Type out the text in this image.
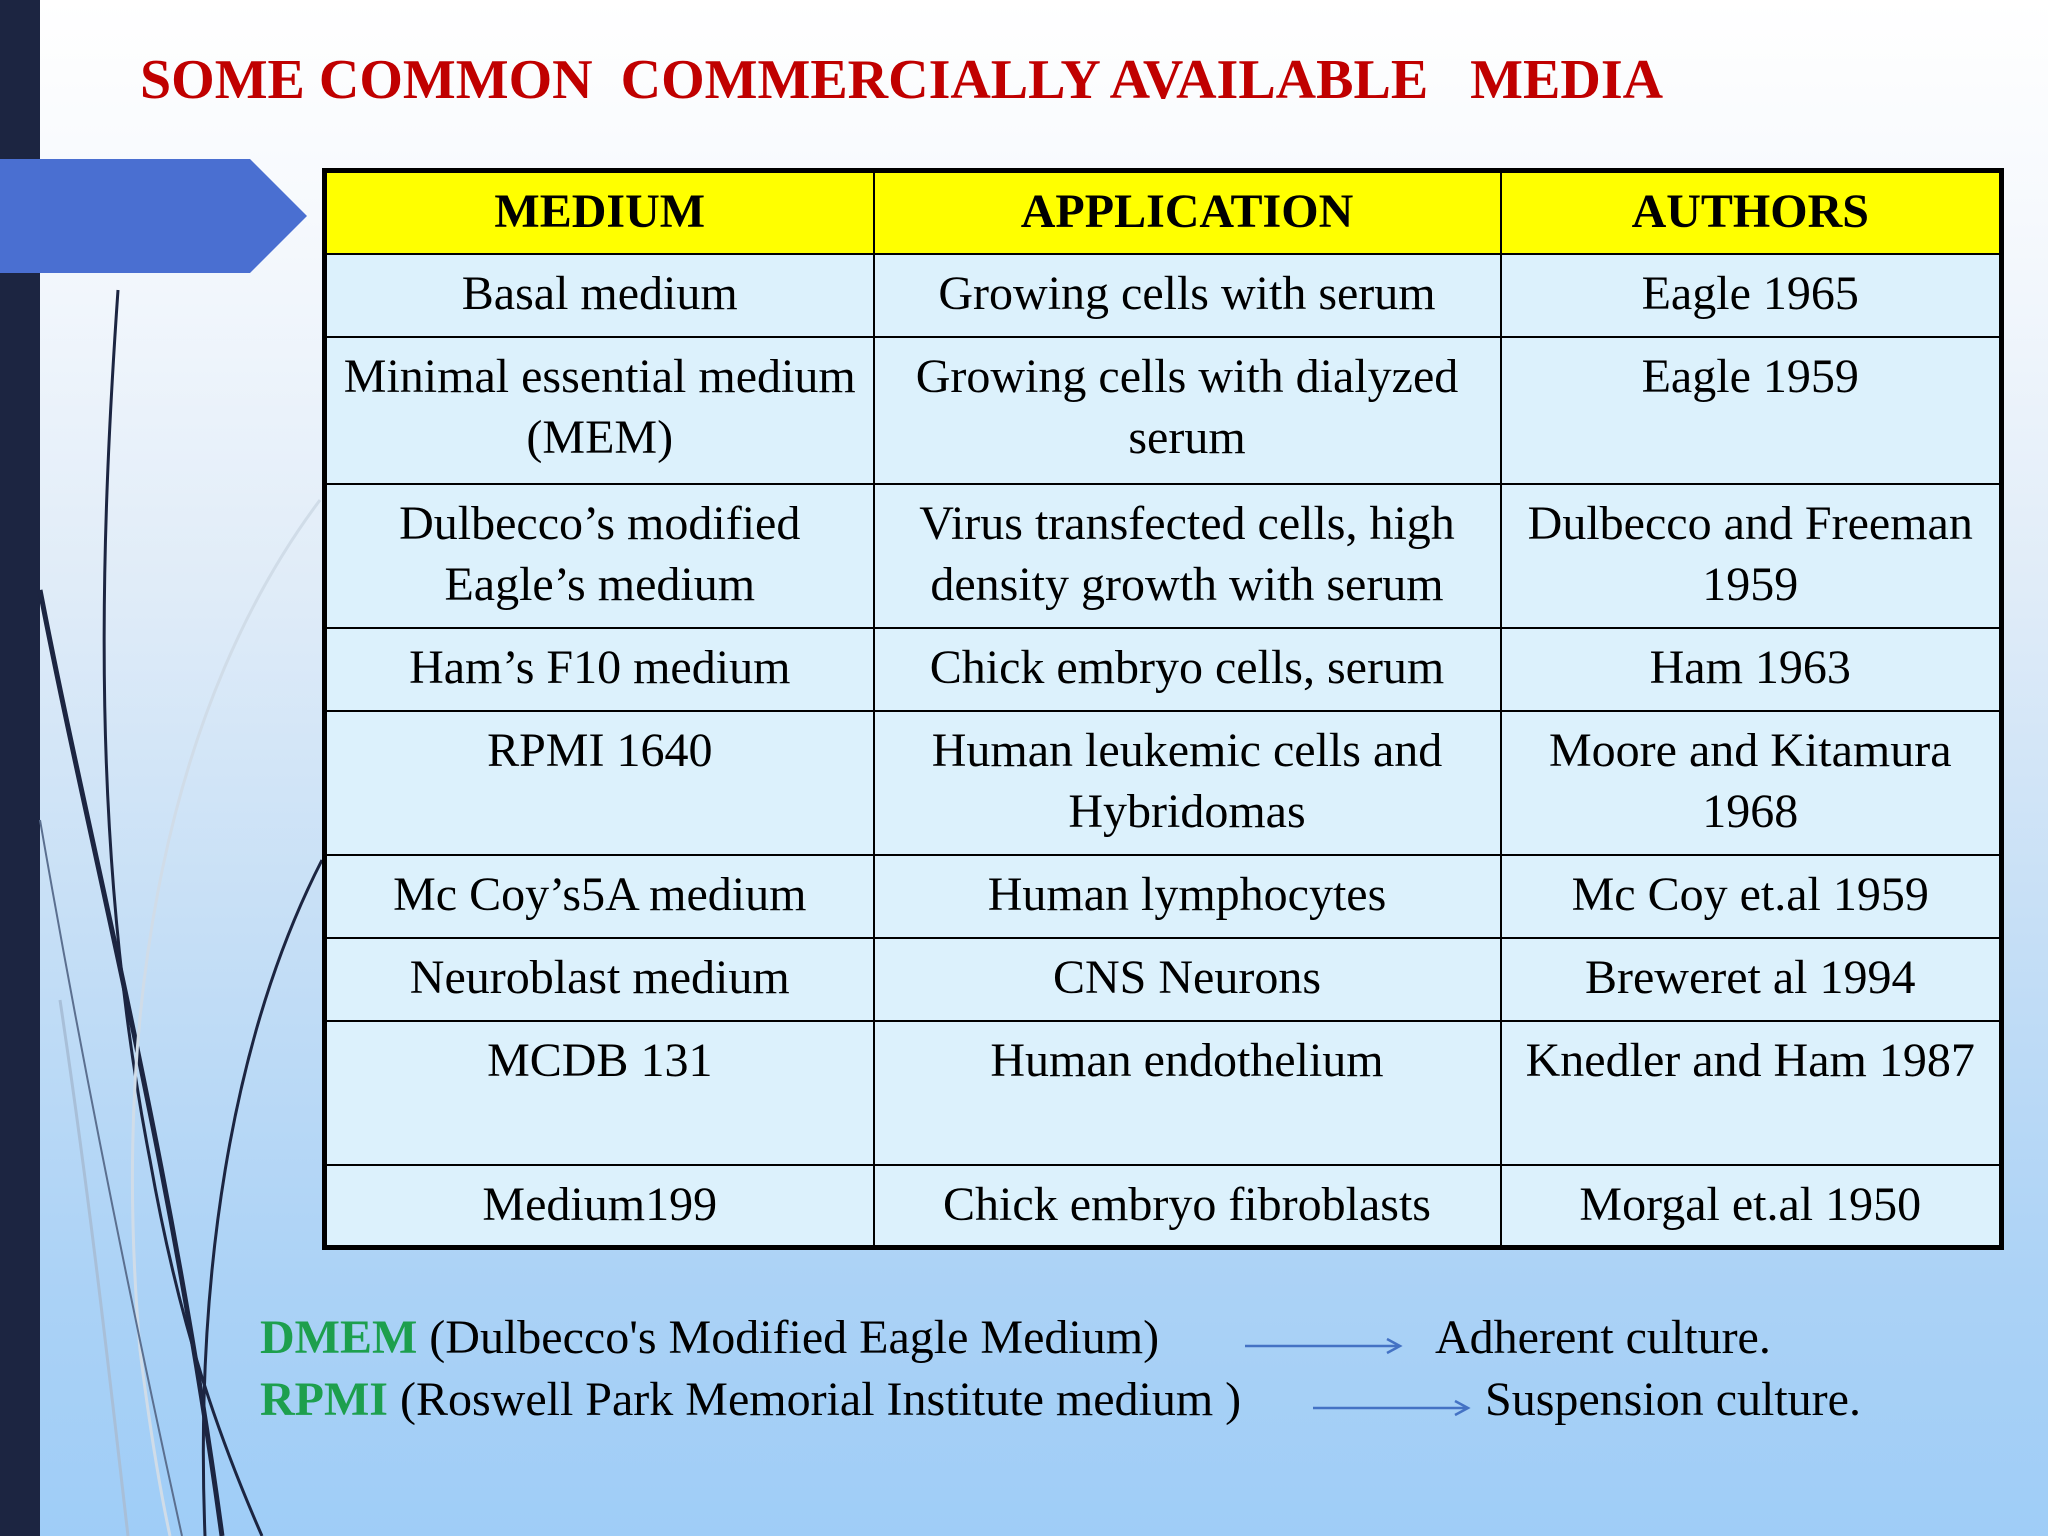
SOME COMMON  COMMERCIALLY AVAILABLE   MEDIA
MEDIUM	APPLICATION	AUTHORS
Basal medium	Growing cells with serum	Eagle 1965
Minimal essential medium (MEM)	Growing cells with dialyzed serum	Eagle 1959
Dulbecco’s modified Eagle’s medium	Virus transfected cells, high density growth with serum	Dulbecco and Freeman 1959
Ham’s F10 medium	Chick embryo cells, serum	Ham 1963
RPMI 1640	Human leukemic cells and Hybridomas	Moore and Kitamura 1968
Mc Coy’s5A medium	Human lymphocytes	Mc Coy et.al 1959
Neuroblast medium	CNS Neurons	Breweret al 1994
MCDB 131	Human endothelium	Knedler and Ham 1987
Medium199	Chick embryo fibroblasts	Morgal et.al 1950
DMEM (Dulbecco's Modified Eagle Medium)	Adherent culture.
RPMI (Roswell Park Memorial Institute medium )	Suspension culture.
